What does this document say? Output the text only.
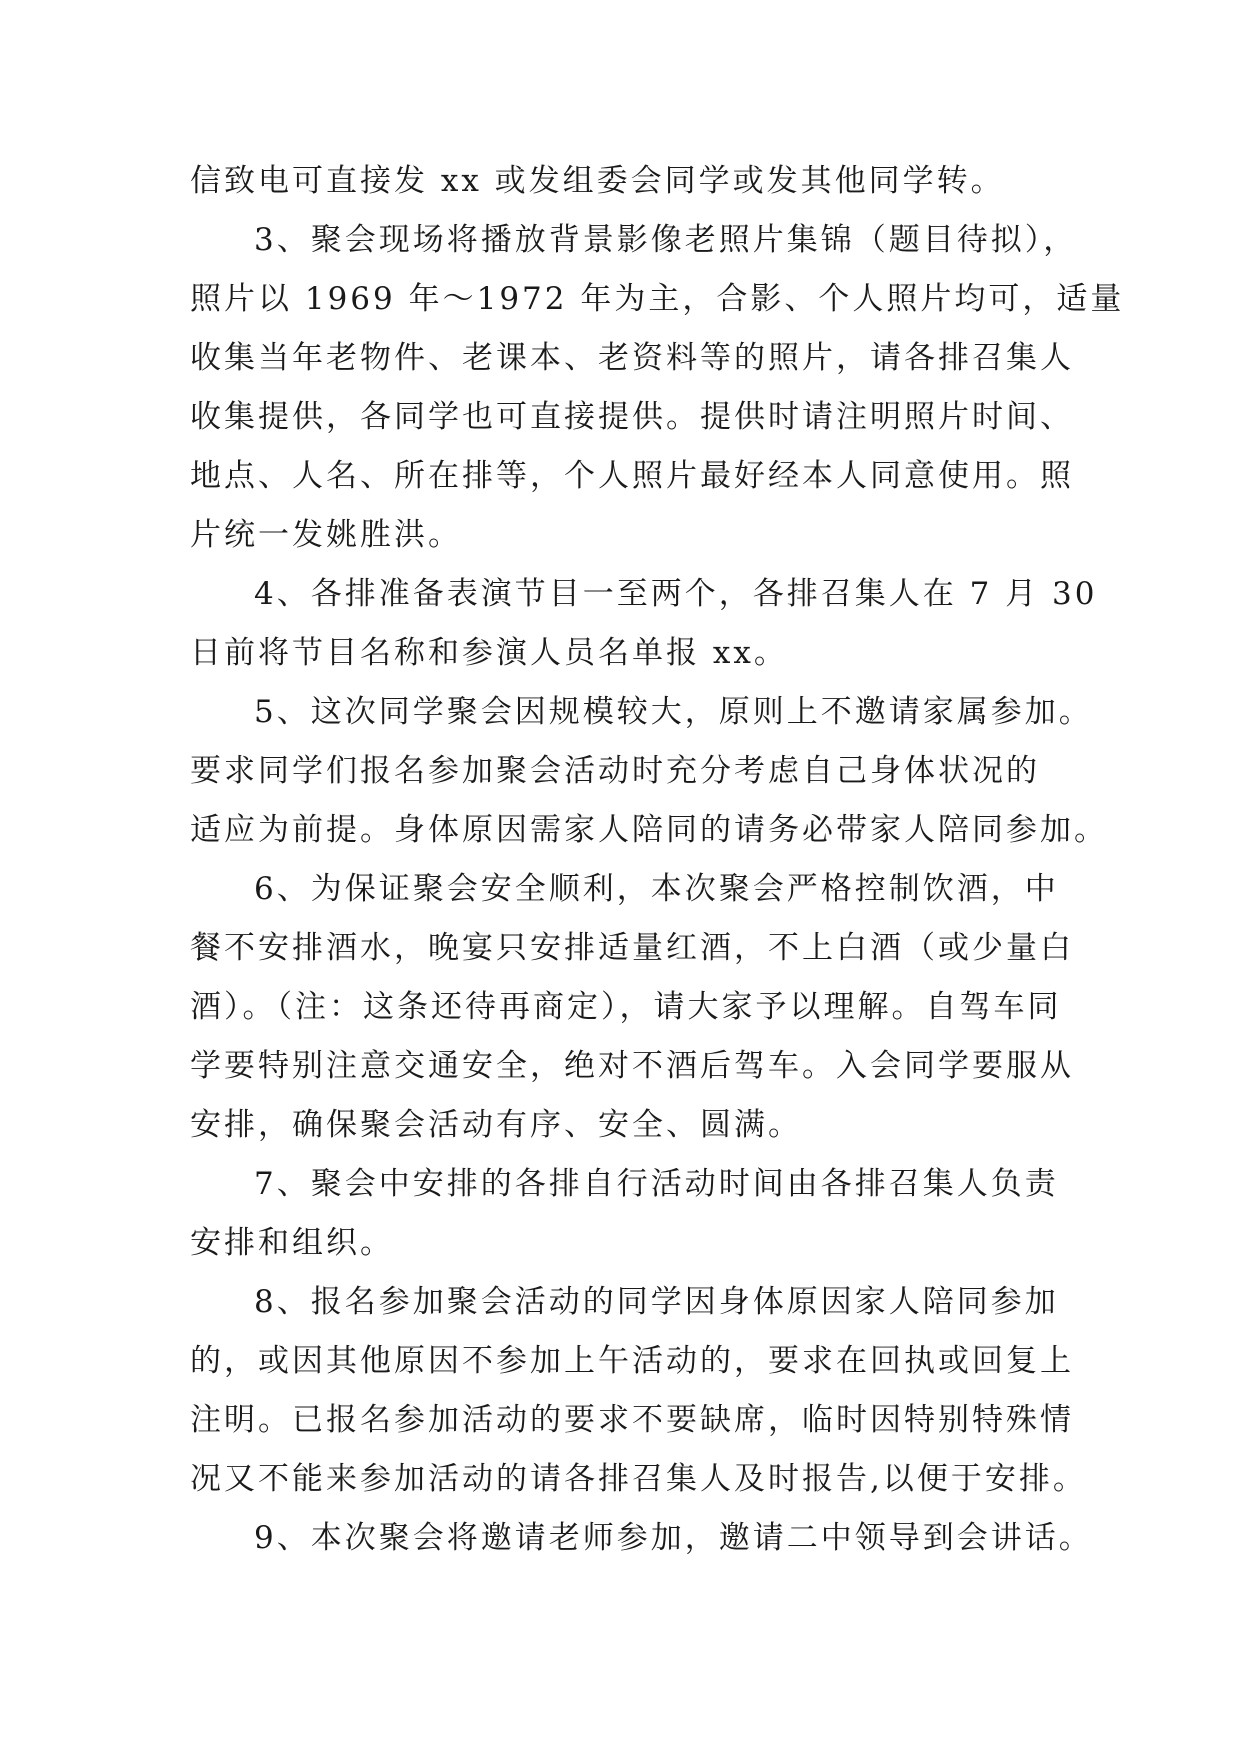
信致电可直接发 xx 或发组委会同学或发其他同学转。
3、聚会现场将播放背景影像老照片集锦（题目待拟），
照片以 1969 年～1972 年为主，合影、个人照片均可，适量
收集当年老物件、老课本、老资料等的照片，请各排召集人
收集提供，各同学也可直接提供。提供时请注明照片时间、
地点、人名、所在排等，个人照片最好经本人同意使用。照
片统一发姚胜洪。
4、各排准备表演节目一至两个，各排召集人在 7 月 30
日前将节目名称和参演人员名单报 xx。
5、这次同学聚会因规模较大，原则上不邀请家属参加。
要求同学们报名参加聚会活动时充分考虑自己身体状况的
适应为前提。身体原因需家人陪同的请务必带家人陪同参加。
6、为保证聚会安全顺利，本次聚会严格控制饮酒，中
餐不安排酒水，晚宴只安排适量红酒，不上白酒（或少量白
酒）。（注：这条还待再商定），请大家予以理解。自驾车同
学要特别注意交通安全，绝对不酒后驾车。入会同学要服从
安排，确保聚会活动有序、安全、圆满。
7、聚会中安排的各排自行活动时间由各排召集人负责
安排和组织。
8、报名参加聚会活动的同学因身体原因家人陪同参加
的，或因其他原因不参加上午活动的，要求在回执或回复上
注明。已报名参加活动的要求不要缺席，临时因特别特殊情
况又不能来参加活动的请各排召集人及时报告,以便于安排。
9、本次聚会将邀请老师参加，邀请二中领导到会讲话。
